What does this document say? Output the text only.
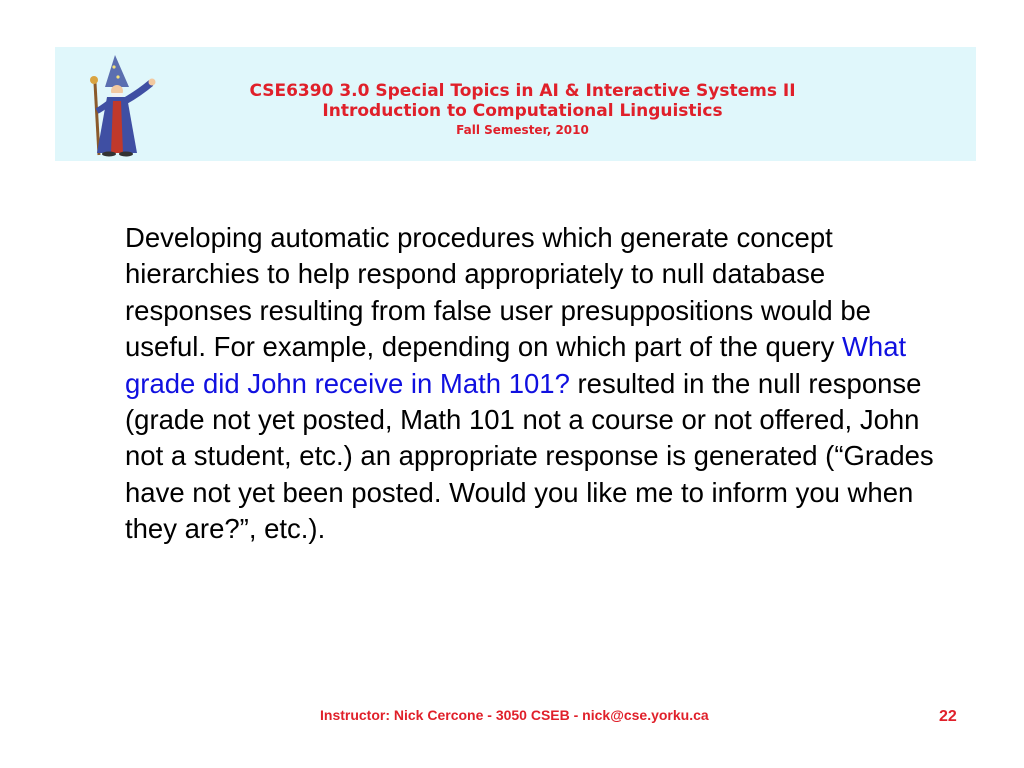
CSE6390 3.0 Special Topics in AI & Interactive Systems II
Introduction to Computational Linguistics
Fall Semester, 2010
Developing automatic procedures which generate concept hierarchies to help respond appropriately to null database responses resulting from false user presuppositions would be useful. For example, depending on which part of the query What grade did John receive in Math 101? resulted in the null response (grade not yet posted, Math 101 not a course or not offered, John not a student, etc.) an appropriate response is generated (“Grades have not yet been posted. Would you like me to inform you when they are?”, etc.).
Instructor: Nick Cercone - 3050 CSEB - nick@cse.yorku.ca	22
